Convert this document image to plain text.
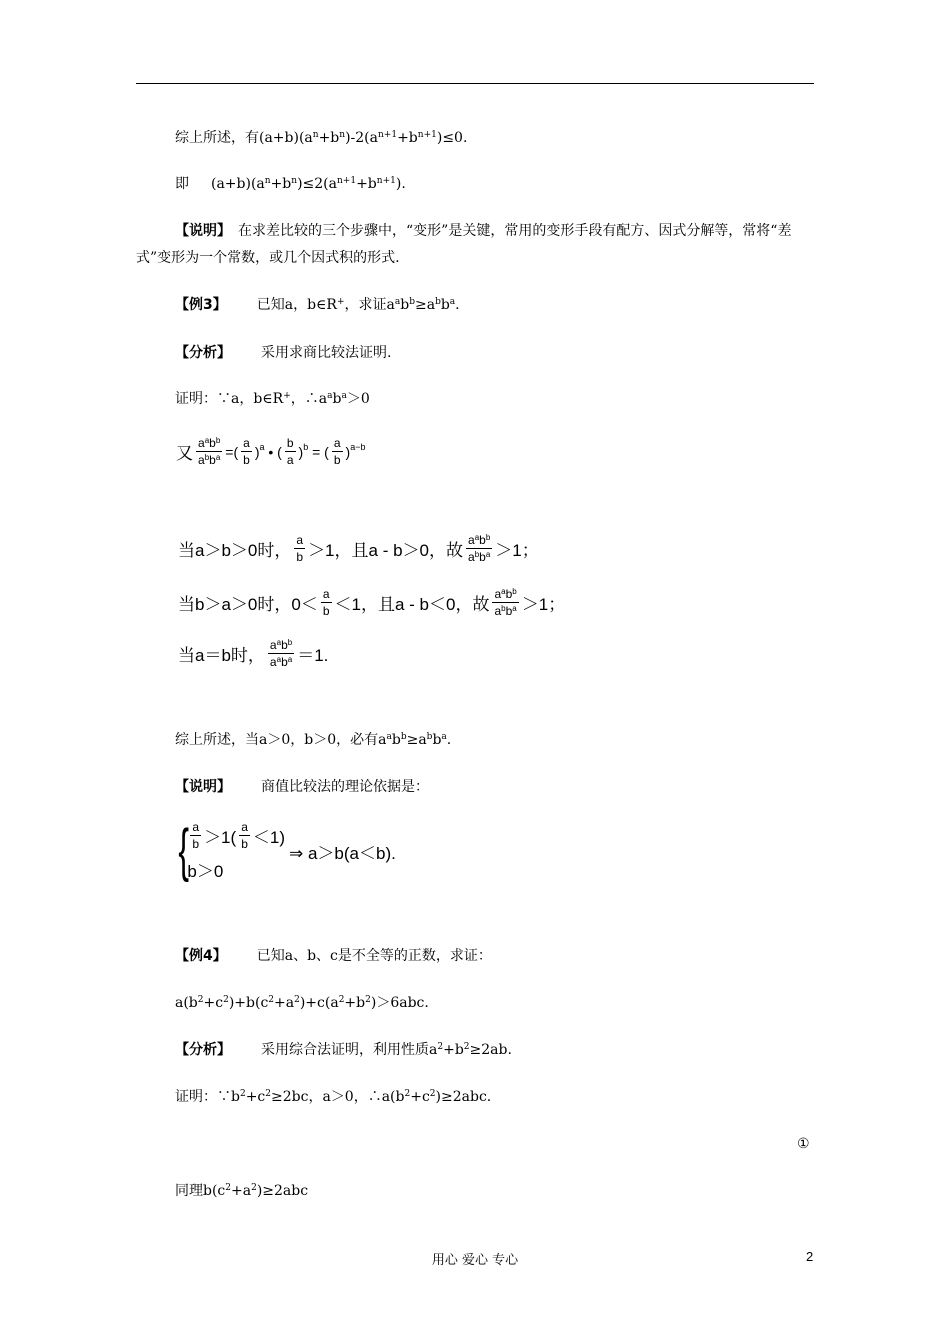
综上所述，有$(a+b)(a^n+b^n)-2(a^{n+1}+b^{n+1})\le 0$.
即 $(a+b)(a^n+b^n)\le 2(a^{n+1}+b^{n+1})$.
【说明】　 在求差比较的三个步骤中，“变形”是关键，常用的变形手段有配方、因式分解等，常将“差式”变形为一个常数，或几个因式积的形式.
【例3】 已知a，b∈R+，求证$a^ab^b\ge a^bb^a$.
【分析】 采用求商比较法证明.
证明：∵a，b∈R+，$\therefore a^ab^a>0$
又 $\frac{a^ab^b}{a^bb^a}$ =( $\frac{a}{b} )^a$ • ( $\frac{b}{a} )^b$ = ( $\frac{a}{b} )^{a-b}$
当a＞b＞0时， $\frac{a}{b} >1$，且a - b＞0，故 $\frac{a^ab^b}{a^bb^a} >1$；
当b＞a＞0时，$0< \frac{a}{b} <1$，且a - b＜0，故 $\frac{a^ab^b}{a^bb^a} >1$；
当a＝b时， $\frac{a^ab^b}{a^ab^a} =1$.
综上所述，当a＞0，b＞0，必有$a^ab^b\ge a^bb^a$.
【说明】 商值比较法的理论依据是：
{ $\frac{a}{b} >1( \frac{a}{b} <1)$
b＞0
⇒ a＞b(a＜b).
【例4】 已知a、b、c是不全等的正数，求证：
$a(b^2+c^2)+b(c^2+a^2)+c(a^2+b^2)>6abc$.
【分析】 采用综合法证明，利用性质$a^2+b^2\ge 2ab$.
证明：$\because b^2+c^2\ge 2bc$，a＞0，$\therefore a(b^2+c^2)\ge 2abc$.
①
同理$b(c^2+a^2)\ge 2abc$
用心 爱心 专心	2
